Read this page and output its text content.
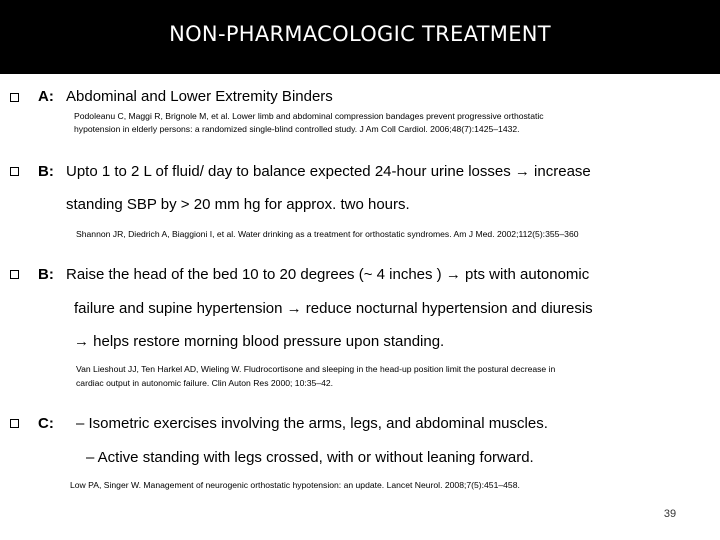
NON-PHARMACOLOGIC TREATMENT
A: Abdominal and Lower Extremity Binders
Podoleanu C, Maggi R, Brignole M, et al. Lower limb and abdominal compression bandages prevent progressive orthostatic
hypotension in elderly persons: a randomized single-blind controlled study. J Am Coll Cardiol. 2006;48(7):1425–1432.
B: Upto 1 to 2 L of fluid/ day to balance expected 24-hour urine losses → increase
standing SBP by > 20 mm hg for approx. two hours.
Shannon JR, Diedrich A, Biaggioni I, et al. Water drinking as a treatment for orthostatic syndromes. Am J Med. 2002;112(5):355–360
B: Raise the head of the bed 10 to 20 degrees (~ 4 inches ) → pts with autonomic
failure and supine hypertension → reduce nocturnal hypertension and diuresis
→ helps restore morning blood pressure upon standing.
Van Lieshout JJ, Ten Harkel AD, Wieling W. Fludrocortisone and sleeping in the head-up position limit the postural decrease in
cardiac output in autonomic failure. Clin Auton Res 2000; 10:35–42.
C: – Isometric exercises involving the arms, legs, and abdominal muscles.
– Active standing with legs crossed, with or without leaning forward.
Low PA, Singer W. Management of neurogenic orthostatic hypotension: an update. Lancet Neurol. 2008;7(5):451–458.
39
